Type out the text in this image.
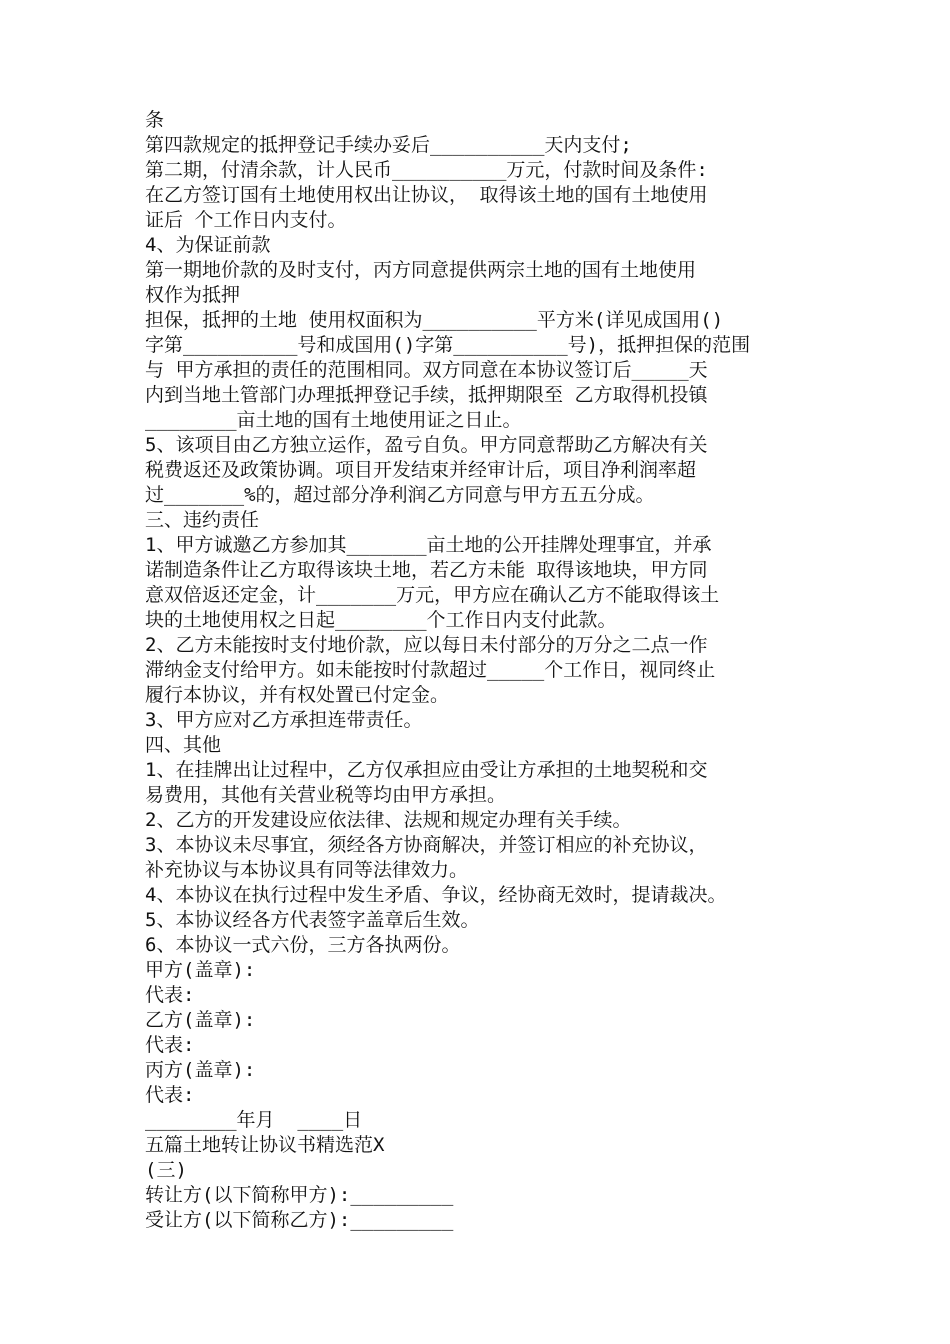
条
第四款规定的抵押登记手续办妥后__________天内支付;
第二期，付清余款，计人民币__________万元，付款时间及条件:
在乙方签订国有土地使用权出让协议， 取得该土地的国有土地使用
证后 个工作日内支付。
4、为保证前款
第一期地价款的及时支付，丙方同意提供两宗土地的国有土地使用
权作为抵押
担保，抵押的土地 使用权面积为__________平方米(详见成国用()
字第__________号和成国用()字第__________号)，抵押担保的范围
与 甲方承担的责任的范围相同。双方同意在本协议签订后_____天
内到当地土管部门办理抵押登记手续，抵押期限至 乙方取得机投镇
________亩土地的国有土地使用证之日止。
5、该项目由乙方独立运作，盈亏自负。甲方同意帮助乙方解决有关
税费返还及政策协调。项目开发结束并经审计后，项目净利润率超
过_______%的，超过部分净利润乙方同意与甲方五五分成。
三、违约责任
1、甲方诚邀乙方参加其_______亩土地的公开挂牌处理事宜，并承
诺制造条件让乙方取得该块土地，若乙方未能 取得该地块，甲方同
意双倍返还定金，计_______万元，甲方应在确认乙方不能取得该土
块的土地使用权之日起________个工作日内支付此款。
2、乙方未能按时支付地价款，应以每日未付部分的万分之二点一作
滞纳金支付给甲方。如未能按时付款超过_____个工作日，视同终止
履行本协议，并有权处置已付定金。
3、甲方应对乙方承担连带责任。
四、其他
1、在挂牌出让过程中，乙方仅承担应由受让方承担的土地契税和交
易费用，其他有关营业税等均由甲方承担。
2、乙方的开发建设应依法律、法规和规定办理有关手续。
3、本协议未尽事宜，须经各方协商解决，并签订相应的补充协议，
补充协议与本协议具有同等法律效力。
4、本协议在执行过程中发生矛盾、争议，经协商无效时，提请裁决。
5、本协议经各方代表签字盖章后生效。
6、本协议一式六份，三方各执两份。
甲方(盖章):
代表:
乙方(盖章):
代表:
丙方(盖章):
代表:
________年月  ____日
五篇土地转让协议书精选范X
(三)
转让方(以下简称甲方):_________
受让方(以下简称乙方):_________
